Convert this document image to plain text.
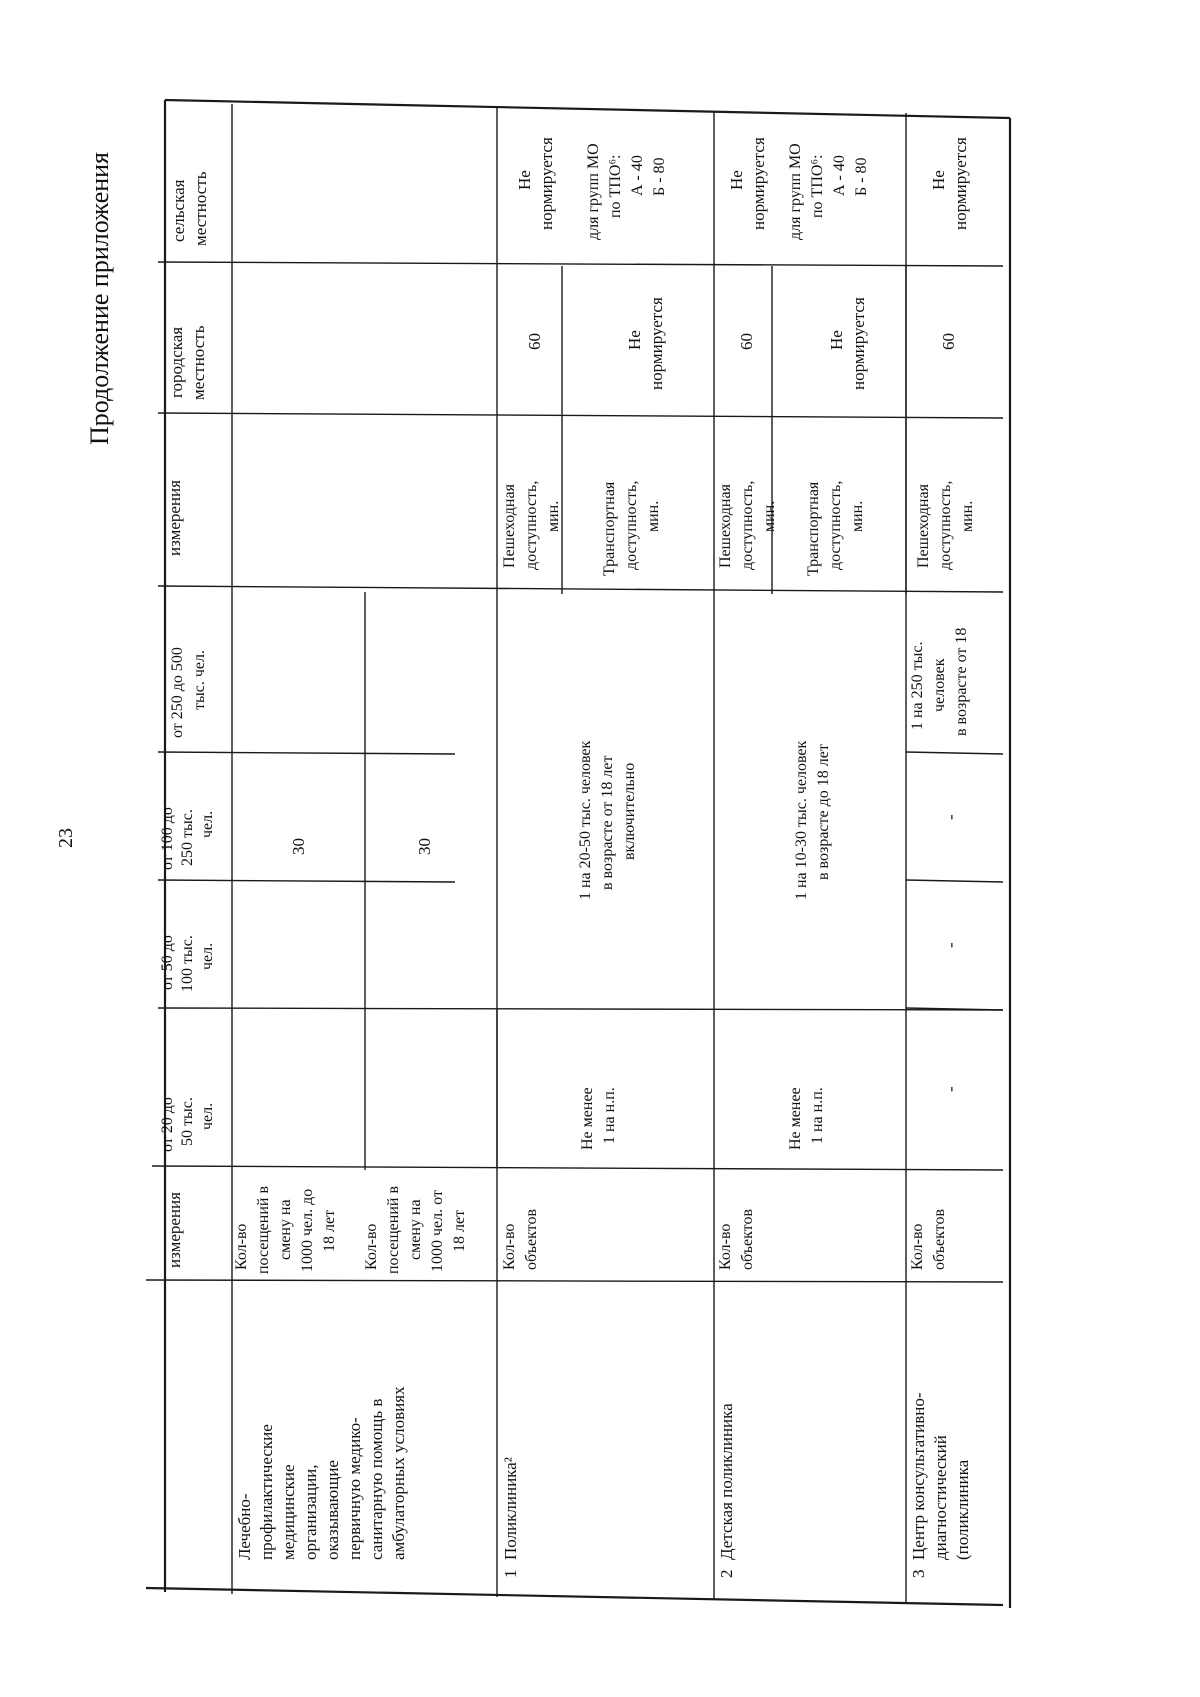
Продолжение приложения
23
измерения
от 20 до 50 тыс. чел.
от 50 до 100 тыс. чел.
от 100 до 250 тыс. чел.
от 250 до 500 тыс. чел.
измерения
городская местность
сельская местность
Лечебно- профилактические медицинские организации, оказывающие первичную медико- санитарную помощь в амбулаторных условиях
Кол-во посещений в смену на 1000 чел. до 18 лет
30
Кол-во посещений в смену на 1000 чел. от 18 лет
30
1
Поликлиника²
Кол-во объектов
Не менее 1 на н.п.
1 на 20-50 тыс. человек в возрасте от 18 лет включительно
Пешеходная доступность, мин.
60
Не нормируется
Транспортная доступность, мин.
Не нормируется
для групп МО по ТПО⁶: А - 40 Б - 80
2
Детская поликлиника
Кол-во объектов
Не менее 1 на н.п.
1 на 10-30 тыс. человек в возрасте до 18 лет
Пешеходная доступность, мин.
60
Не нормируется
Транспортная доступность, мин.
Не нормируется
для групп МО по ТПО⁶: А - 40 Б - 80
3
Центр консультативно- диагностический (поликлиника
Кол-во объектов
-
-
-
1 на 250 тыс. человек в возрасте от 18
Пешеходная доступность, мин.
60
Не нормируется
